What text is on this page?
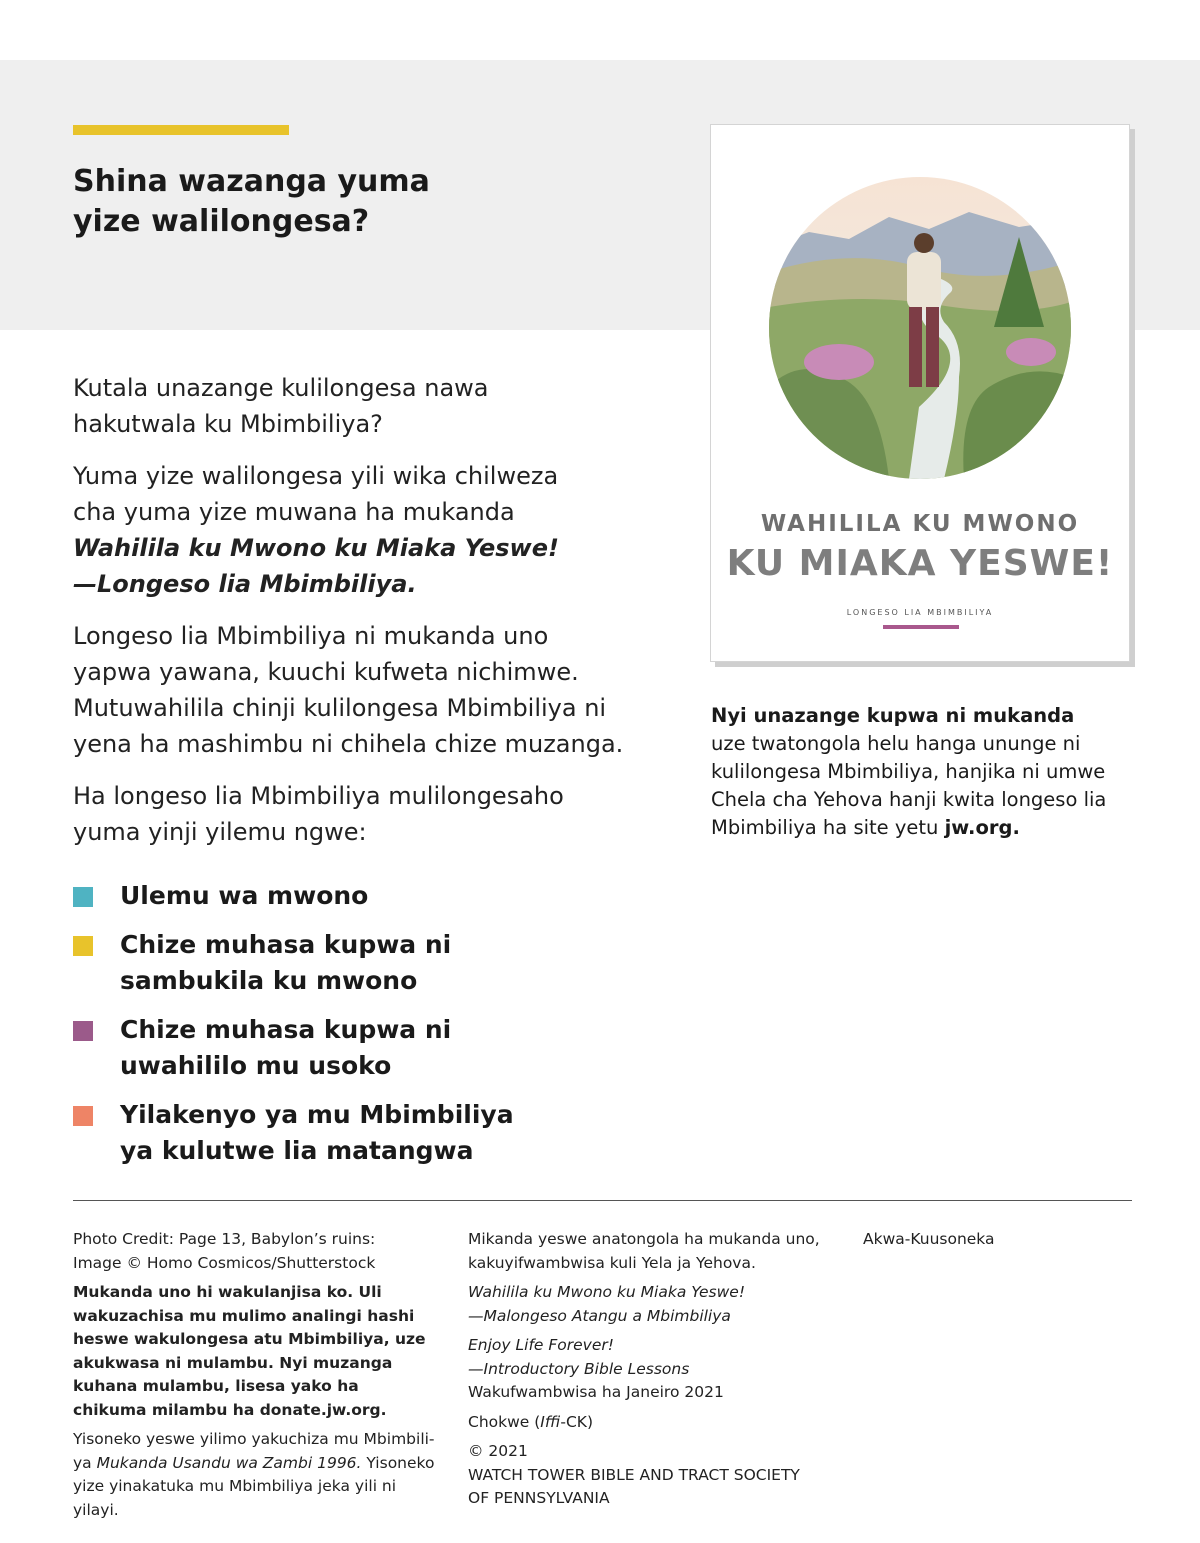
Shina wazanga yuma
yize walilongesa?

Kutala unazange kulilongesa nawa
hakutwala ku Mbimbiliya?

Yuma yize walilongesa yili wika chilweza
cha yuma yize muwana ha mukanda
Wahilila ku Mwono ku Miaka Yeswe!
—Longeso lia Mbimbiliya.

Longeso lia Mbimbiliya ni mukanda uno
yapwa yawana, kuuchi kufweta nichimwe.
Mutuwahilila chinji kulilongesa Mbimbiliya ni
yena ha mashimbu ni chihela chize muzanga.

Ha longeso lia Mbimbiliya mulilongesaho
yuma yinji yilemu ngwe:

Ulemu wa mwono
Chize muhasa kupwa ni
sambukila ku mwono
Chize muhasa kupwa ni
uwahililo mu usoko
Yilakenyo ya mu Mbimbiliya
ya kulutwe lia matangwa
WAHILILA KU MWONO
KU MIAKA YESWE!
LONGESO LIA MBIMBILIYA
Nyi unazange kupwa ni mukanda
uze twatongola helu hanga ununge ni
kulilongesa Mbimbiliya, hanjika ni umwe
Chela cha Yehova hanji kwita longeso lia
Mbimbiliya ha site yetu jw.org.

Photo Credit: Page 13, Babylon’s ruins:
Image © Homo Cosmicos/Shutterstock

Mukanda uno hi wakulanjisa ko. Uli
wakuzachisa mu mulimo analingi hashi
heswe wakulongesa atu Mbimbiliya, uze
akukwasa ni mulambu. Nyi muzanga
kuhana mulambu, lisesa yako ha
chikuma milambu ha donate.jw.org.

Yisoneko yeswe yilimo yakuchiza mu Mbimbili-
ya Mukanda Usandu wa Zambi 1996. Yisoneko
yize yinakatuka mu Mbimbiliya jeka yili ni yilayi.

Mikanda yeswe anatongola ha mukanda uno,
kakuyifwambwisa kuli Yela ja Yehova.

Wahilila ku Mwono ku Miaka Yeswe!
—Malongeso Atangu a Mbimbiliya

Enjoy Life Forever!
—Introductory Bible Lessons
Wakufwambwisa ha Janeiro 2021

Chokwe (Iffi-CK)

© 2021
WATCH TOWER BIBLE AND TRACT SOCIETY
OF PENNSYLVANIA

Akwa-Kuusoneka
